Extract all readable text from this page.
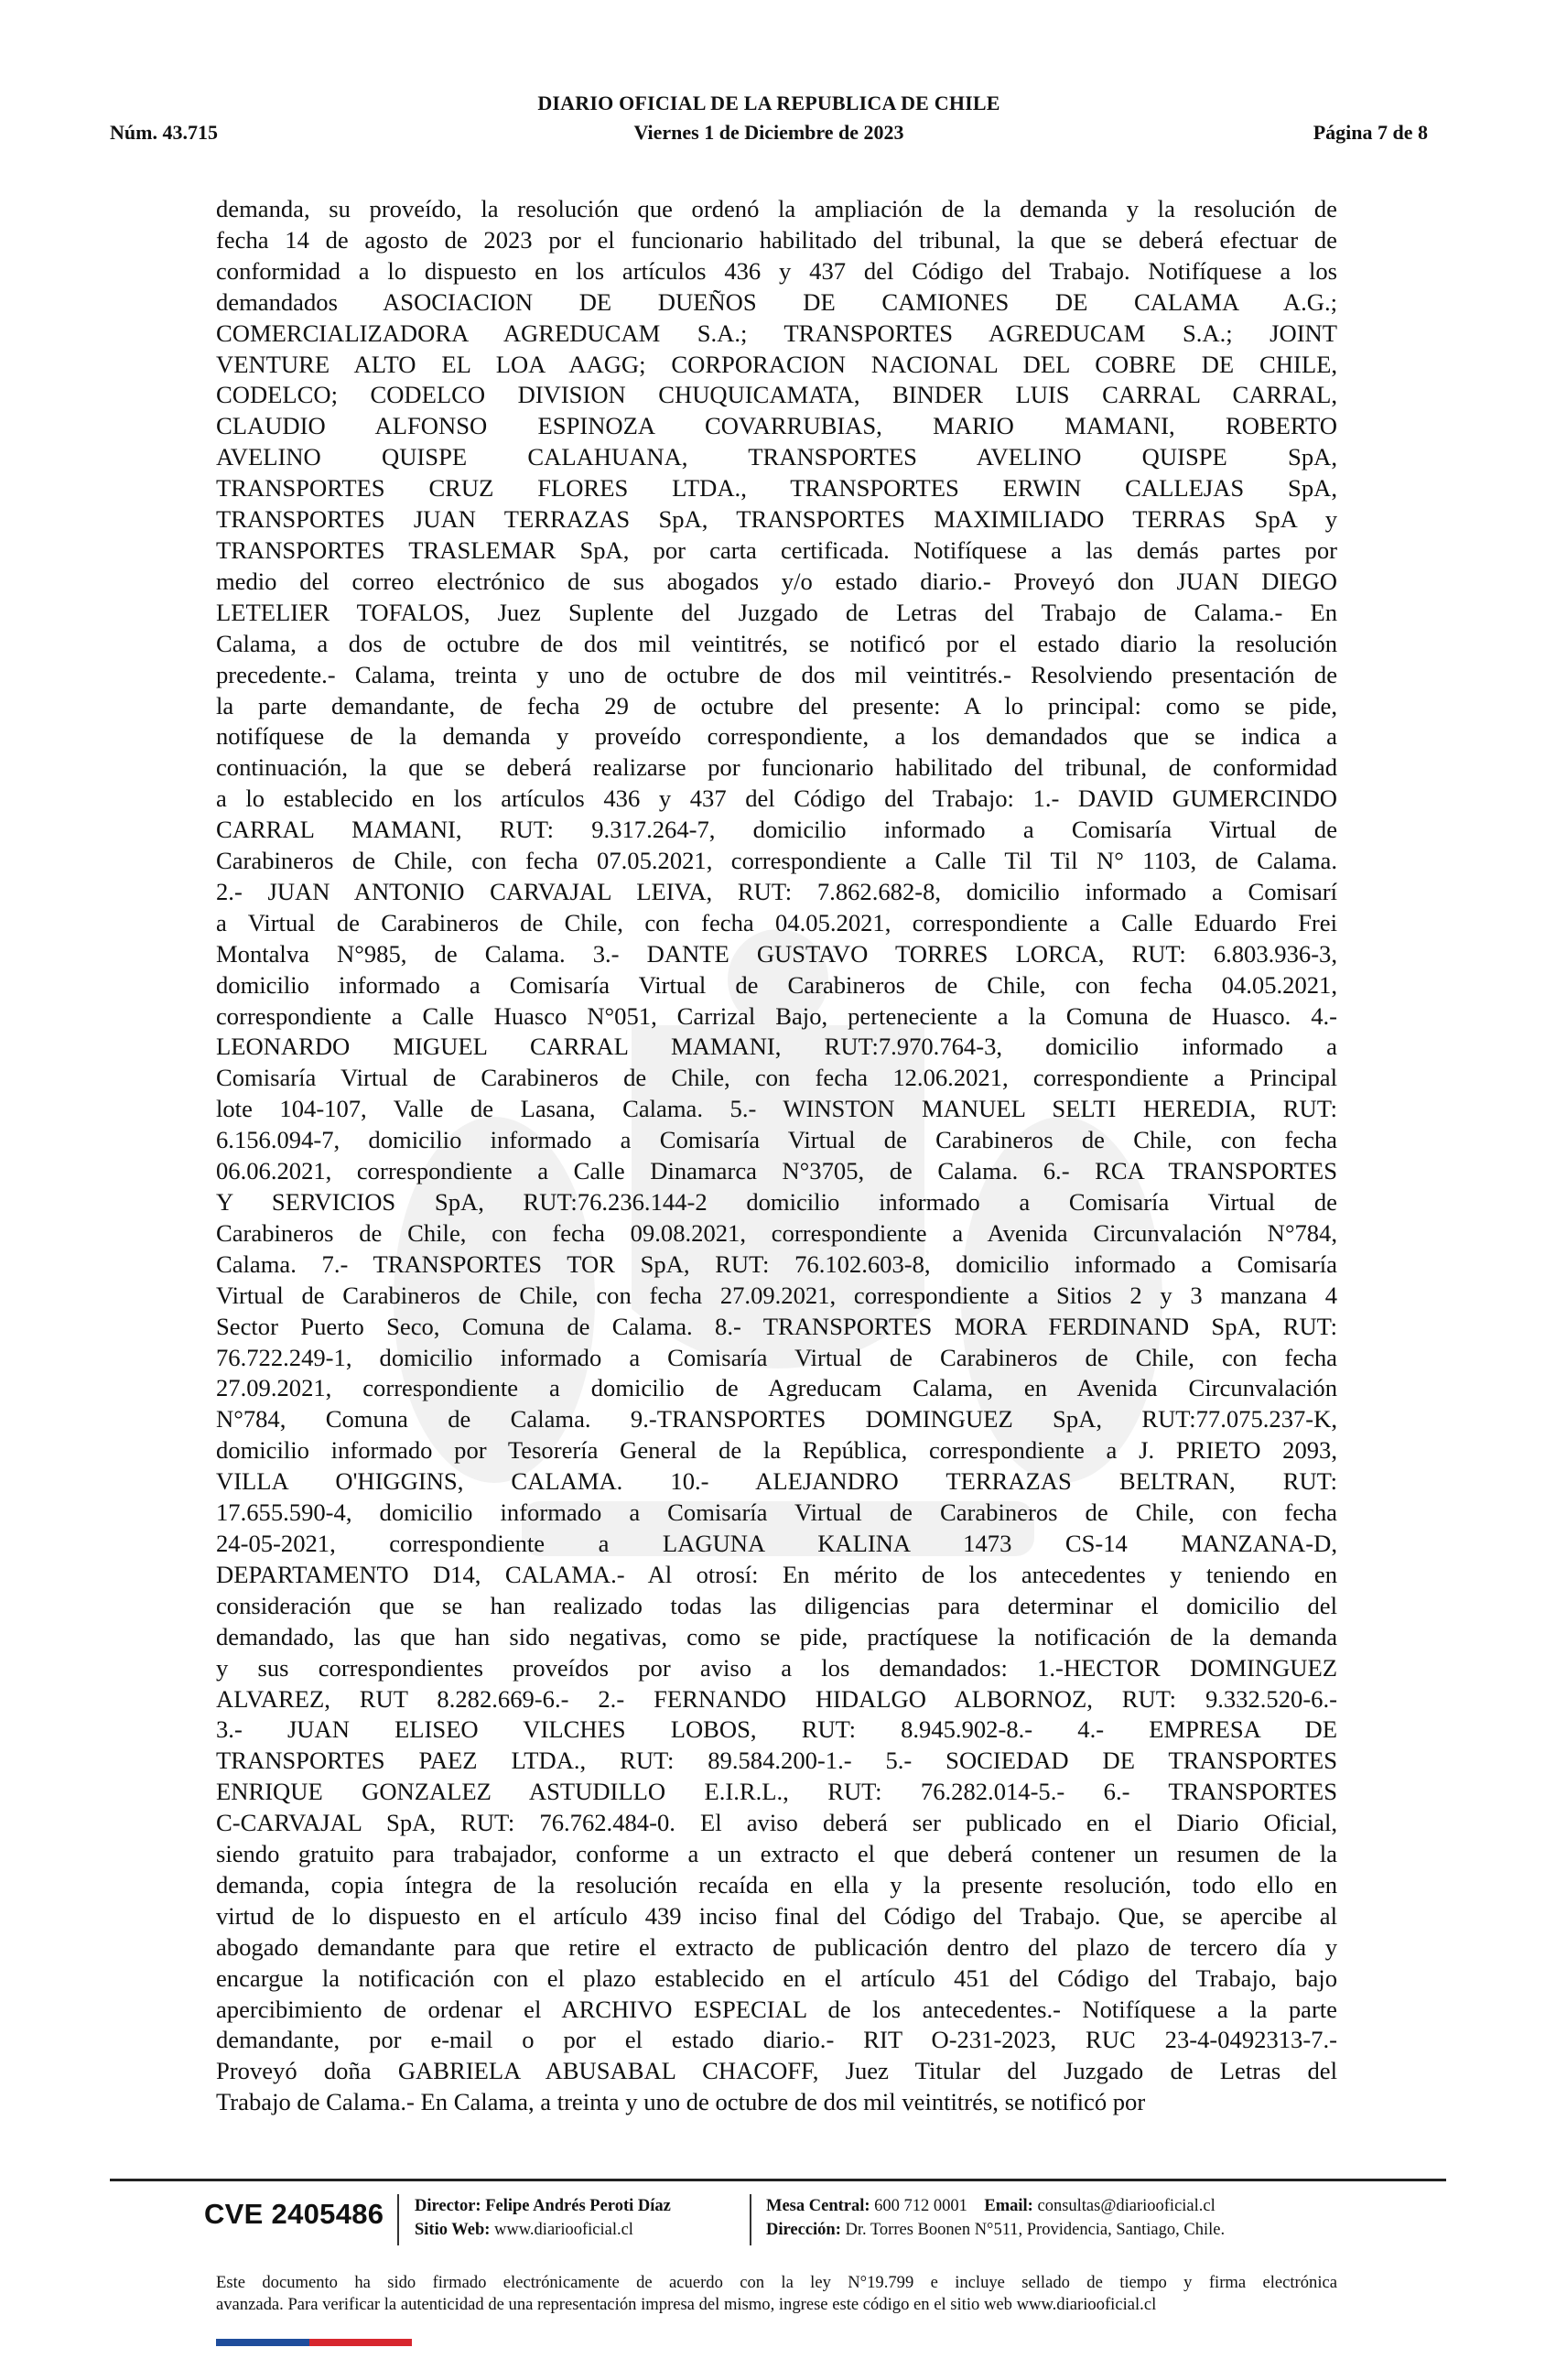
DIARIO OFICIAL DE LA REPUBLICA DE CHILE
Núm. 43.715	Viernes 1 de Diciembre de 2023	Página 7 de 8
demanda, su proveído, la resolución que ordenó la ampliación de la demanda y la resolución de
fecha 14 de agosto de 2023 por el funcionario habilitado del tribunal, la que se deberá efectuar de
conformidad a lo dispuesto en los artículos 436 y 437 del Código del Trabajo. Notifíquese a los
demandados ASOCIACION DE DUEÑOS DE CAMIONES DE CALAMA A.G.;
COMERCIALIZADORA AGREDUCAM S.A.; TRANSPORTES AGREDUCAM S.A.; JOINT
VENTURE ALTO EL LOA AAGG; CORPORACION NACIONAL DEL COBRE DE CHILE,
CODELCO; CODELCO DIVISION CHUQUICAMATA, BINDER LUIS CARRAL CARRAL,
CLAUDIO ALFONSO ESPINOZA COVARRUBIAS, MARIO MAMANI, ROBERTO
AVELINO QUISPE CALAHUANA, TRANSPORTES AVELINO QUISPE SpA,
TRANSPORTES CRUZ FLORES LTDA., TRANSPORTES ERWIN CALLEJAS SpA,
TRANSPORTES JUAN TERRAZAS SpA, TRANSPORTES MAXIMILIADO TERRAS SpA y
TRANSPORTES TRASLEMAR SpA, por carta certificada. Notifíquese a las demás partes por
medio del correo electrónico de sus abogados y/o estado diario.- Proveyó don JUAN DIEGO
LETELIER TOFALOS, Juez Suplente del Juzgado de Letras del Trabajo de Calama.- En
Calama, a dos de octubre de dos mil veintitrés, se notificó por el estado diario la resolución
precedente.- Calama, treinta y uno de octubre de dos mil veintitrés.- Resolviendo presentación de
la parte demandante, de fecha 29 de octubre del presente: A lo principal: como se pide,
notifíquese de la demanda y proveído correspondiente, a los demandados que se indica a
continuación, la que se deberá realizarse por funcionario habilitado del tribunal, de conformidad
a lo establecido en los artículos 436 y 437 del Código del Trabajo: 1.- DAVID GUMERCINDO
CARRAL MAMANI, RUT: 9.317.264-7, domicilio informado a Comisaría Virtual de
Carabineros de Chile, con fecha 07.05.2021, correspondiente a Calle Til Til N° 1103, de Calama.
2.- JUAN ANTONIO CARVAJAL LEIVA, RUT: 7.862.682-8, domicilio informado a Comisarí
a Virtual de Carabineros de Chile, con fecha 04.05.2021, correspondiente a Calle Eduardo Frei
Montalva N°985, de Calama. 3.- DANTE GUSTAVO TORRES LORCA, RUT: 6.803.936-3,
domicilio informado a Comisaría Virtual de Carabineros de Chile, con fecha 04.05.2021,
correspondiente a Calle Huasco N°051, Carrizal Bajo, perteneciente a la Comuna de Huasco. 4.-
LEONARDO MIGUEL CARRAL MAMANI, RUT:7.970.764-3, domicilio informado a
Comisaría Virtual de Carabineros de Chile, con fecha 12.06.2021, correspondiente a Principal
lote 104-107, Valle de Lasana, Calama. 5.- WINSTON MANUEL SELTI HEREDIA, RUT:
6.156.094-7, domicilio informado a Comisaría Virtual de Carabineros de Chile, con fecha
06.06.2021, correspondiente a Calle Dinamarca N°3705, de Calama. 6.- RCA TRANSPORTES
Y SERVICIOS SpA, RUT:76.236.144-2 domicilio informado a Comisaría Virtual de
Carabineros de Chile, con fecha 09.08.2021, correspondiente a Avenida Circunvalación N°784,
Calama. 7.- TRANSPORTES TOR SpA, RUT: 76.102.603-8, domicilio informado a Comisaría
Virtual de Carabineros de Chile, con fecha 27.09.2021, correspondiente a Sitios 2 y 3 manzana 4
Sector Puerto Seco, Comuna de Calama. 8.- TRANSPORTES MORA FERDINAND SpA, RUT:
76.722.249-1, domicilio informado a Comisaría Virtual de Carabineros de Chile, con fecha
27.09.2021, correspondiente a domicilio de Agreducam Calama, en Avenida Circunvalación
N°784, Comuna de Calama. 9.-TRANSPORTES DOMINGUEZ SpA, RUT:77.075.237-K,
domicilio informado por Tesorería General de la República, correspondiente a J. PRIETO 2093,
VILLA O'HIGGINS, CALAMA. 10.- ALEJANDRO TERRAZAS BELTRAN, RUT:
17.655.590-4, domicilio informado a Comisaría Virtual de Carabineros de Chile, con fecha
24-05-2021, correspondiente a LAGUNA KALINA 1473 CS-14 MANZANA-D,
DEPARTAMENTO D14, CALAMA.- Al otrosí: En mérito de los antecedentes y teniendo en
consideración que se han realizado todas las diligencias para determinar el domicilio del
demandado, las que han sido negativas, como se pide, practíquese la notificación de la demanda
y sus correspondientes proveídos por aviso a los demandados: 1.-HECTOR DOMINGUEZ
ALVAREZ, RUT 8.282.669-6.- 2.- FERNANDO HIDALGO ALBORNOZ, RUT: 9.332.520-6.-
3.- JUAN ELISEO VILCHES LOBOS, RUT: 8.945.902-8.- 4.- EMPRESA DE
TRANSPORTES PAEZ LTDA., RUT: 89.584.200-1.- 5.- SOCIEDAD DE TRANSPORTES
ENRIQUE GONZALEZ ASTUDILLO E.I.R.L., RUT: 76.282.014-5.- 6.- TRANSPORTES
C-CARVAJAL SpA, RUT: 76.762.484-0. El aviso deberá ser publicado en el Diario Oficial,
siendo gratuito para trabajador, conforme a un extracto el que deberá contener un resumen de la
demanda, copia íntegra de la resolución recaída en ella y la presente resolución, todo ello en
virtud de lo dispuesto en el artículo 439 inciso final del Código del Trabajo. Que, se apercibe al
abogado demandante para que retire el extracto de publicación dentro del plazo de tercero día y
encargue la notificación con el plazo establecido en el artículo 451 del Código del Trabajo, bajo
apercibimiento de ordenar el ARCHIVO ESPECIAL de los antecedentes.- Notifíquese a la parte
demandante, por e-mail o por el estado diario.- RIT O-231-2023, RUC 23-4-0492313-7.-
Proveyó doña GABRIELA ABUSABAL CHACOFF, Juez Titular del Juzgado de Letras del
Trabajo de Calama.- En Calama, a treinta y uno de octubre de dos mil veintitrés, se notificó por
CVE 2405486 Director: Felipe Andrés Peroti Díaz
Sitio Web: www.diariooficial.cl
Mesa Central: 600 712 0001 Email: consultas@diariooficial.cl
Dirección: Dr. Torres Boonen N°511, Providencia, Santiago, Chile.
Este documento ha sido firmado electrónicamente de acuerdo con la ley N°19.799 e incluye sellado de tiempo y firma electrónica
avanzada. Para verificar la autenticidad de una representación impresa del mismo, ingrese este código en el sitio web www.diariooficial.cl
